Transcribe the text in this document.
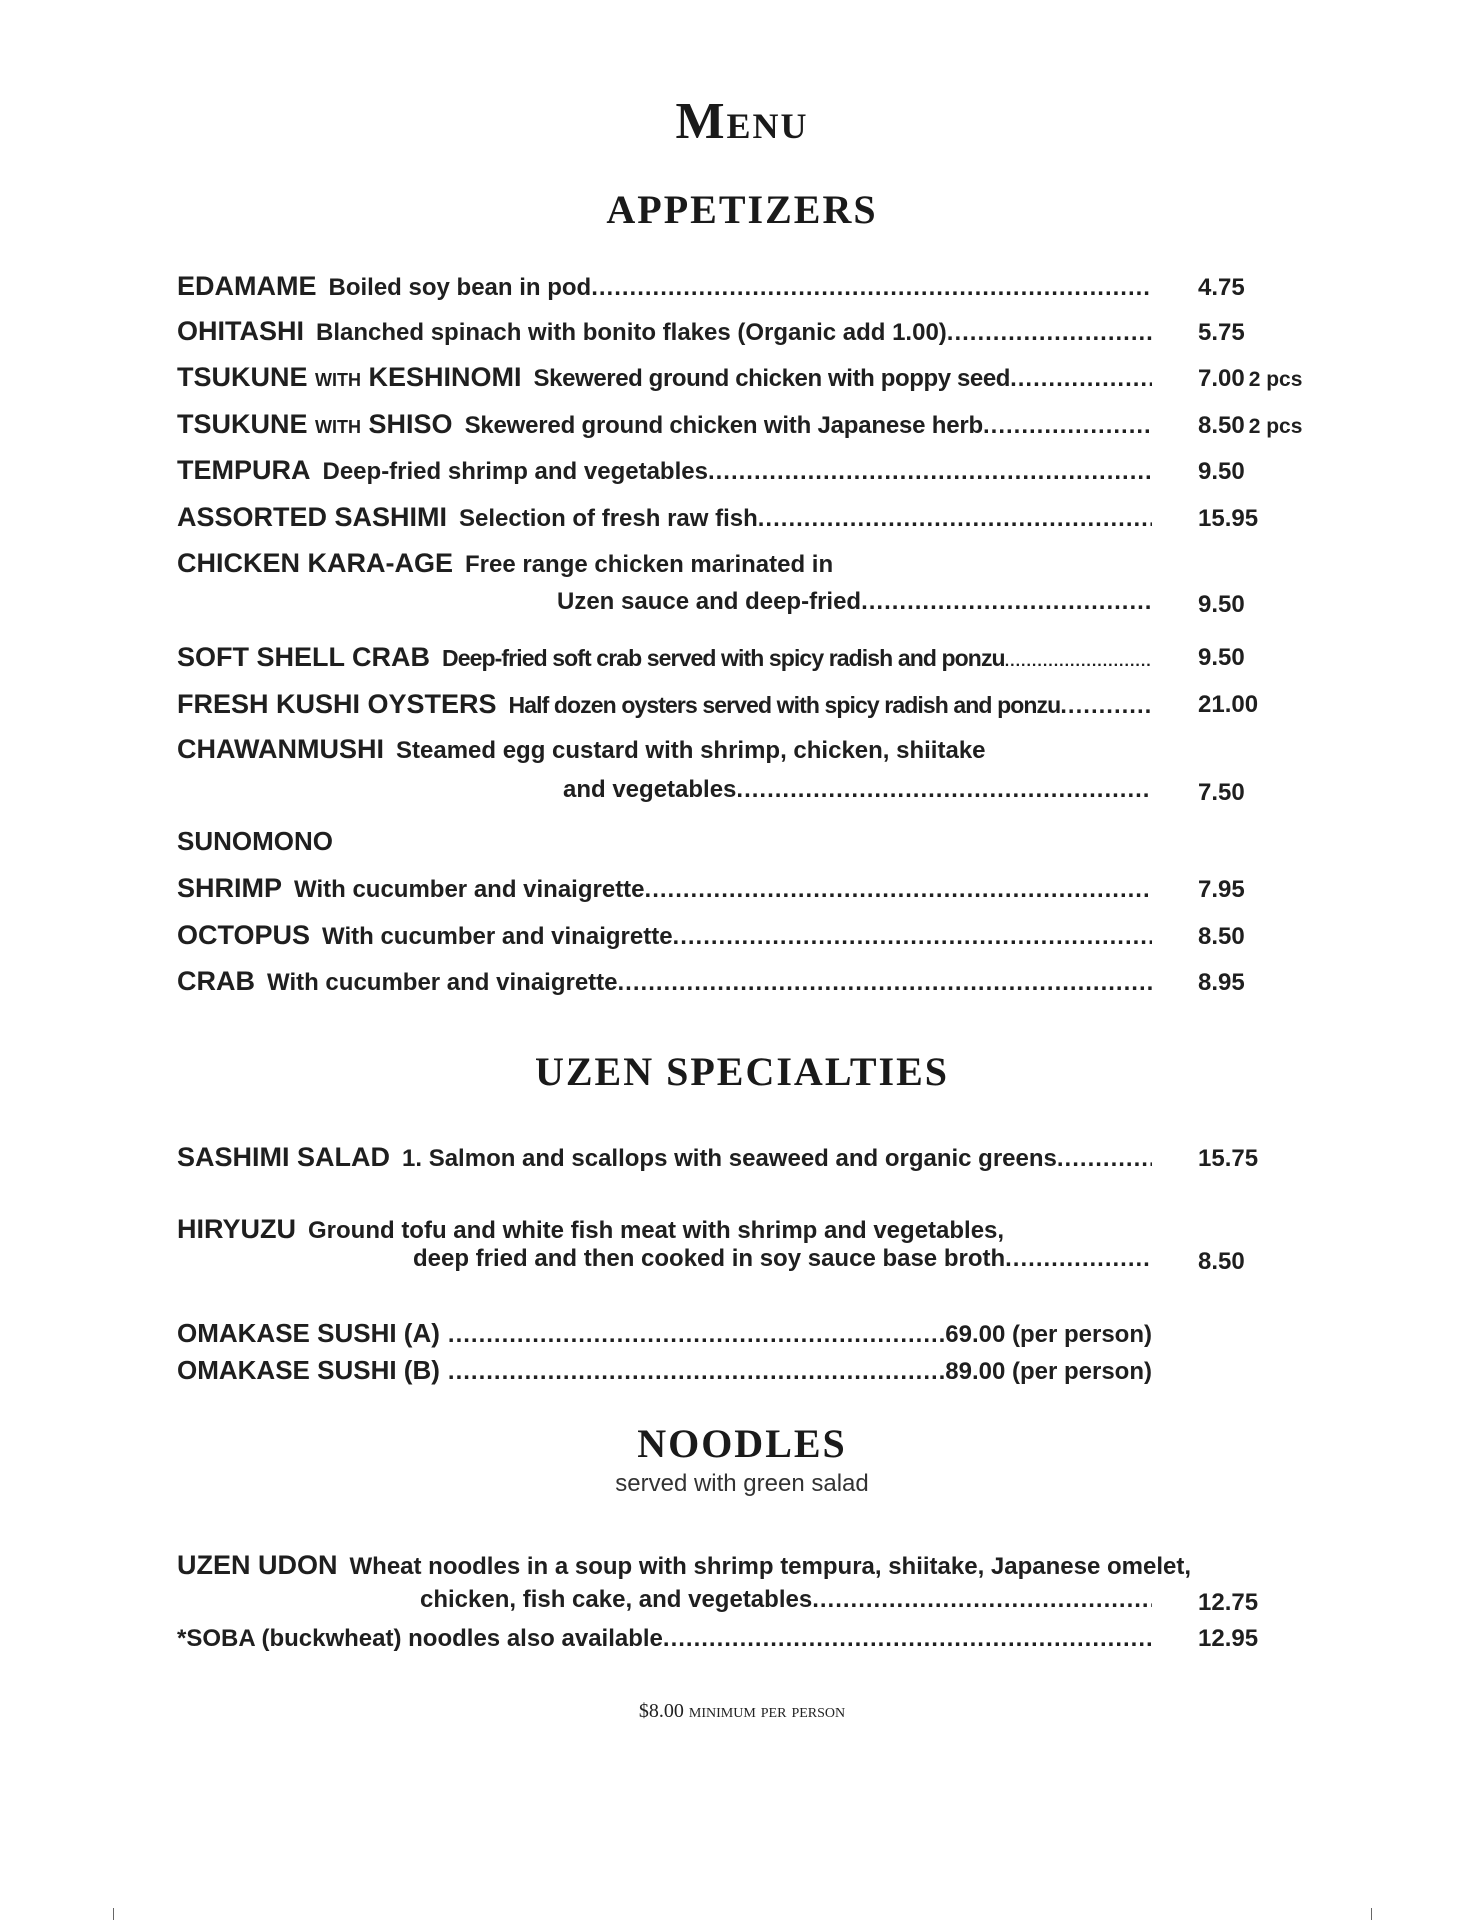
Menu
APPETIZERS
EDAMAME Boiled soy bean in pod .....	4.75
OHITASHI Blanched spinach with bonito flakes (Organic add 1.00) .....	5.75
TSUKUNE WITH KESHINOMI Skewered ground chicken with poppy seed .....	7.00 2 pcs
TSUKUNE WITH SHISO Skewered ground chicken with Japanese herb .....	8.50 2 pcs
TEMPURA Deep-fried shrimp and vegetables .....	9.50
ASSORTED SASHIMI Selection of fresh raw fish .....	15.95
CHICKEN KARA-AGE Free range chicken marinated in
Uzen sauce and deep-fried .....	9.50
SOFT SHELL CRAB Deep-fried soft crab served with spicy radish and ponzu .....	9.50
FRESH KUSHI OYSTERS Half dozen oysters served with spicy radish and ponzu .....	21.00
CHAWANMUSHI Steamed egg custard with shrimp, chicken, shiitake
and vegetables .....	7.50
SUNOMONO
SHRIMP With cucumber and vinaigrette .....	7.95
OCTOPUS With cucumber and vinaigrette .....	8.50
CRAB With cucumber and vinaigrette .....	8.95
UZEN SPECIALTIES
SASHIMI SALAD 1. Salmon and scallops with seaweed and organic greens .....	15.75
HIRYUZU Ground tofu and white fish meat with shrimp and vegetables,
deep fried and then cooked in soy sauce base broth .....	8.50
OMAKASE SUSHI (A) .....	69.00 (per person)
OMAKASE SUSHI (B) .....	89.00 (per person)
NOODLES
served with green salad
UZEN UDON Wheat noodles in a soup with shrimp tempura, shiitake, Japanese omelet,
chicken, fish cake, and vegetables .....	12.75
*SOBA (buckwheat) noodles also available .....	12.95
$8.00 minimum per person
